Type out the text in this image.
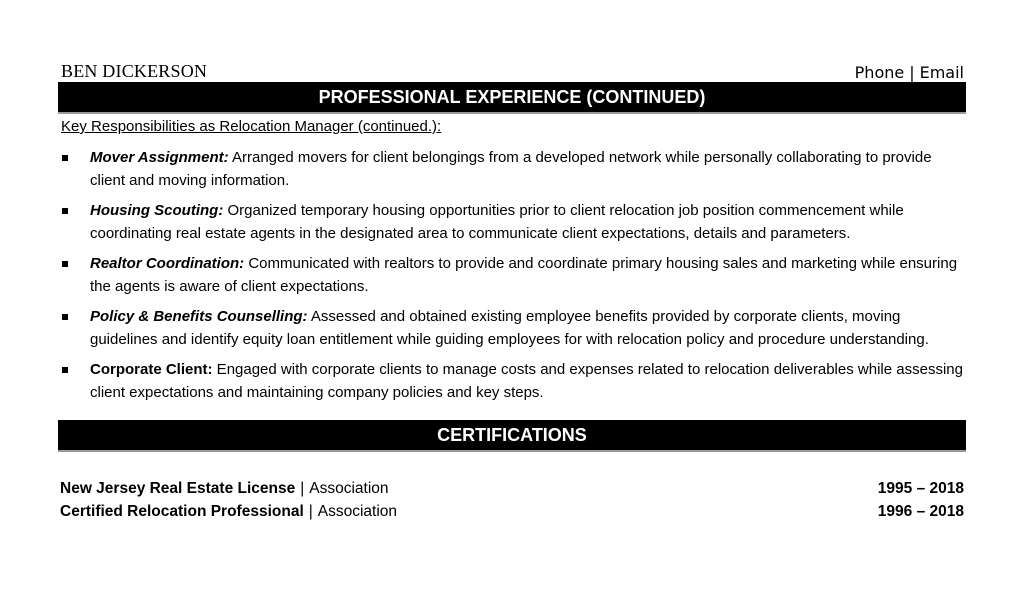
BEN DICKERSON	Phone | Email
PROFESSIONAL EXPERIENCE (CONTINUED)
Key Responsibilities as Relocation Manager (continued.):
Mover Assignment: Arranged movers for client belongings from a developed network while personally collaborating to provide client and moving information.
Housing Scouting: Organized temporary housing opportunities prior to client relocation job position commencement while coordinating real estate agents in the designated area to communicate client expectations, details and parameters.
Realtor Coordination: Communicated with realtors to provide and coordinate primary housing sales and marketing while ensuring the agents is aware of client expectations.
Policy & Benefits Counselling: Assessed and obtained existing employee benefits provided by corporate clients, moving guidelines and identify equity loan entitlement while guiding employees for with relocation policy and procedure understanding.
Corporate Client: Engaged with corporate clients to manage costs and expenses related to relocation deliverables while assessing client expectations and maintaining company policies and key steps.
CERTIFICATIONS
New Jersey Real Estate License | Association	1995 – 2018
Certified Relocation Professional | Association	1996 – 2018
